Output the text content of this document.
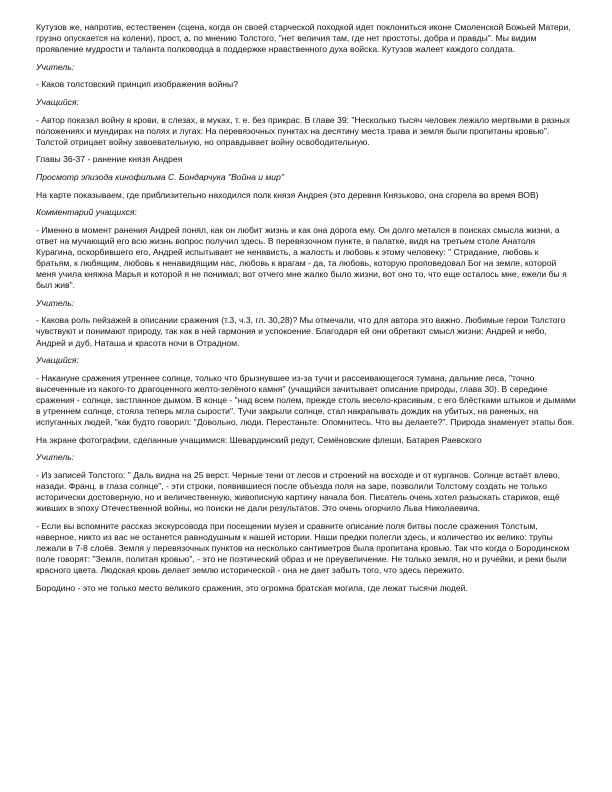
Кутузов же, напротив, естественен (сцена, когда он своей старческой походкой идет поклониться иконе Смоленской Божьей Матери, грузно опускается на колени), прост, а, по мнению Толстого, "нет величия там, где нет простоты, добра и правды". Мы видим проявление мудрости и таланта полководца в поддержке нравственного духа войска. Кутузов жалеет каждого солдата.

Учитель:

- Каков толстовский принцип изображения войны?

Учащийся:

- Автор показал войну в крови, в слезах, в муках, т. е. без прикрас. В главе 39: "Несколько тысяч человек лежало мертвыми в разных положениях и мундирах на полях и лугах: На перевязочных пунктах на десятину места трава и земля были пропитаны кровью". Толстой отрицает войну завоевательную, но оправдывает войну освободительную.

Главы 36-37 - ранение князя Андрея

Просмотр эпизода кинофильма С. Бондарчука "Война и мир"

На карте показываем, где приблизительно находился полк князя Андрея (это деревня Князьково, она сгорела во время ВОВ)

Комментарий учащихся:

- Именно в момент ранения Андрей понял, как он любит жизнь и как она дорога ему. Он долго метался в поисках смысла жизни, а ответ на мучающий его всю жизнь вопрос получил здесь. В перевязочном пункте, в палатке, видя на третьем столе Анатоля Курагина, оскорбившего его, Андрей испытывает не ненависть, а жалость и любовь к этому человеку: " Страдание, любовь к братьям, к любящим, любовь к ненавидящим нас, любовь к врагам - да, та любовь, которую проповедовал Бог на земле, которой меня учила княжна Марья и которой я не понимал; вот отчего мне жалко было жизни, вот оно то, что еще осталось мне, ежели бы я был жив".

Учитель:

- Какова роль пейзажей в описании сражения (т.3, ч.3, гл. 30,28)? Мы отмечали, что для автора это важно. Любимые герои Толстого чувствуют и понимают природу, так как в ней гармония и успокоение. Благодаря ей они обретают смысл жизни: Андрей и небо, Андрей и дуб, Наташа и красота ночи в Отрадном.

Учащийся:

- Накануне сражения утреннее солнце, только что брызнувшее из-за тучи и рассеивающегося тумана, дальние леса, "точно высеченные из какого-то драгоценного желто-зелёного камня" (учащийся зачитывает описание природы, глава 30). В середине сражения - солнце, застланное дымом. В конце - "над всем полем, прежде столь весело-красивым, с его блёстками штыков и дымами в утреннем солнце, стояла теперь мгла сырости". Тучи закрыли солнце, стал накрапывать дождик на убитых, на раненых, на испуганных людей, "как будто говорил: "Довольно, люди. Перестаньте: Опомнитесь. Что вы делаете?". Природа знаменует этапы боя.

На экране фотографии, сделанные учащимися: Шевардинский редут, Семёновские флеши, Батарея Раевского

Учитель:

- Из записей Толстого: " Даль видна на 25 верст. Черные тени от лесов и строений на восходе и от курганов. Солнце встаёт влево, назади. Франц. в глаза солнце", - эти строки, появившиеся после объезда поля на заре, позволили Толстому создать не только исторически достоверную, но и величественную, живописную картину начала боя. Писатель очень хотел разыскать стариков, ещё живших в эпоху Отечественной войны, но поиски не дали результатов. Это очень огорчило Льва Николаевича.

- Если вы вспомните рассказ экскурсовода при посещении музея и сравните описание поля битвы после сражения Толстым, наверное, никто из вас не останется равнодушным к нашей истории. Наши предки полегли здесь, и количество их велико: трупы лежали в 7-8 слоёв. Земля у перевязочных пунктов на несколько сантиметров была пропитана кровью. Так что когда о Бородинском поле говорят: "Земля, политая кровью", - это не поэтический образ и не преувеличение. Не только земля, но и ручейки, и реки были красного цвета. Людская кровь делает землю исторической - она не дает забыть того, что здесь пережито.

Бородино - это не только место великого сражения, это огромна братская могила, где лежат тысячи людей.
